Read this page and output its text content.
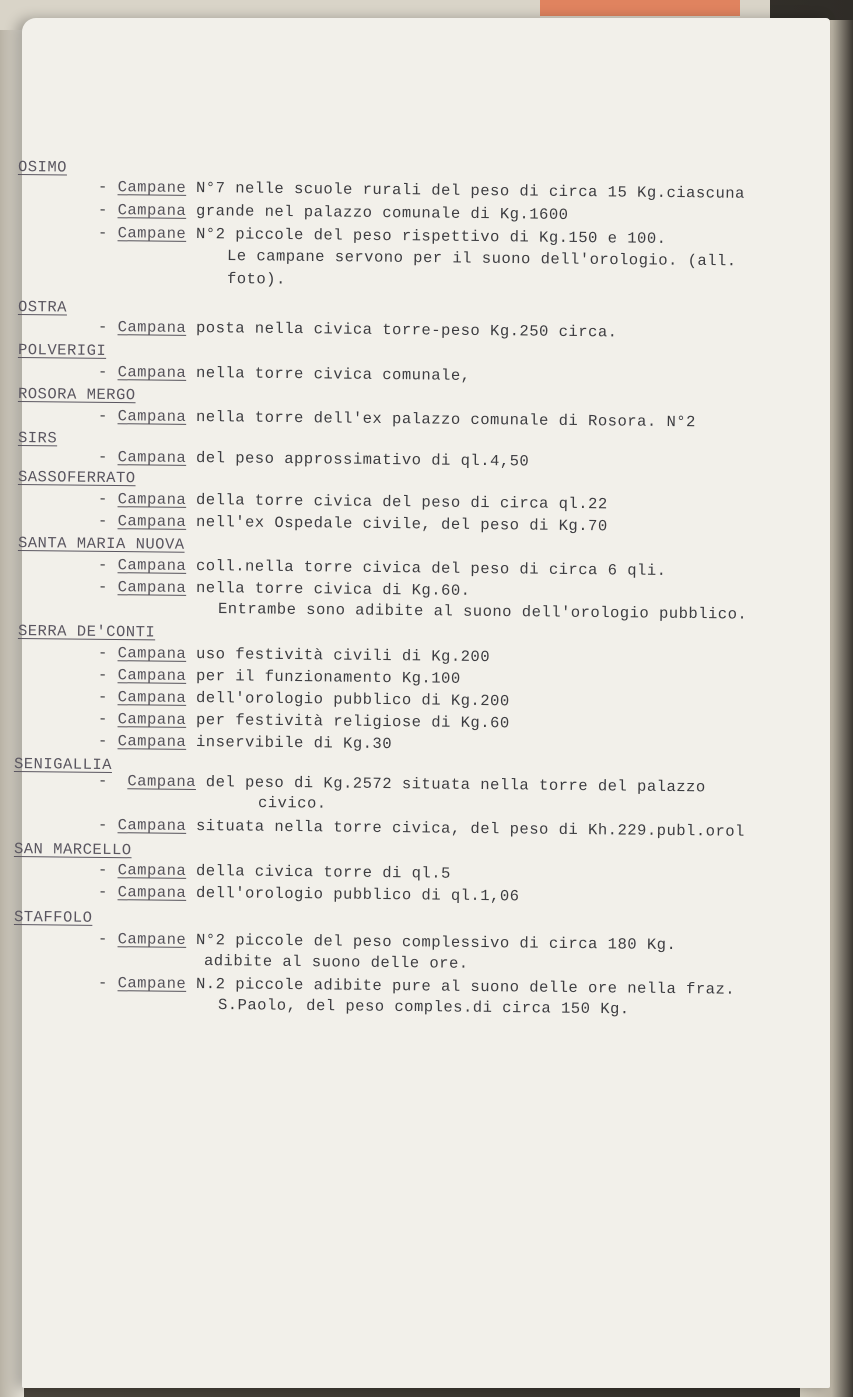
OSIMO
- Campane N°7 nelle scuole rurali del peso di circa 15 Kg.ciascuna
- Campana grande nel palazzo comunale di Kg.1600
- Campane N°2 piccole del peso rispettivo di Kg.150 e 100.
Le campane servono per il suono dell'orologio. (all.
foto).
OSTRA
- Campana posta nella civica torre-peso Kg.250 circa.
POLVERIGI
- Campana nella torre civica comunale,
ROSORA MERGO
- Campana nella torre dell'ex palazzo comunale di Rosora. N°2
SIRS
- Campana del peso approssimativo di ql.4,50
SASSOFERRATO
- Campana della torre civica del peso di circa ql.22
- Campana nell'ex Ospedale civile, del peso di Kg.70
SANTA MARIA NUOVA
- Campana coll.nella torre civica del peso di circa 6 qli.
- Campana nella torre civica di Kg.60.
Entrambe sono adibite al suono dell'orologio pubblico.
SERRA DE'CONTI
- Campana uso festività civili di Kg.200
- Campana per il funzionamento Kg.100
- Campana dell'orologio pubblico di Kg.200
- Campana per festività religiose di Kg.60
- Campana inservibile di Kg.30
SENIGALLIA
-  Campana del peso di Kg.2572 situata nella torre del palazzo
civico.
- Campana situata nella torre civica, del peso di Kh.229.publ.orol
SAN MARCELLO
- Campana della civica torre di ql.5
- Campana dell'orologio pubblico di ql.1,06
STAFFOLO
- Campane N°2 piccole del peso complessivo di circa 180 Kg.
adibite al suono delle ore.
- Campane N.2 piccole adibite pure al suono delle ore nella fraz.
S.Paolo, del peso comples.di circa 150 Kg.
